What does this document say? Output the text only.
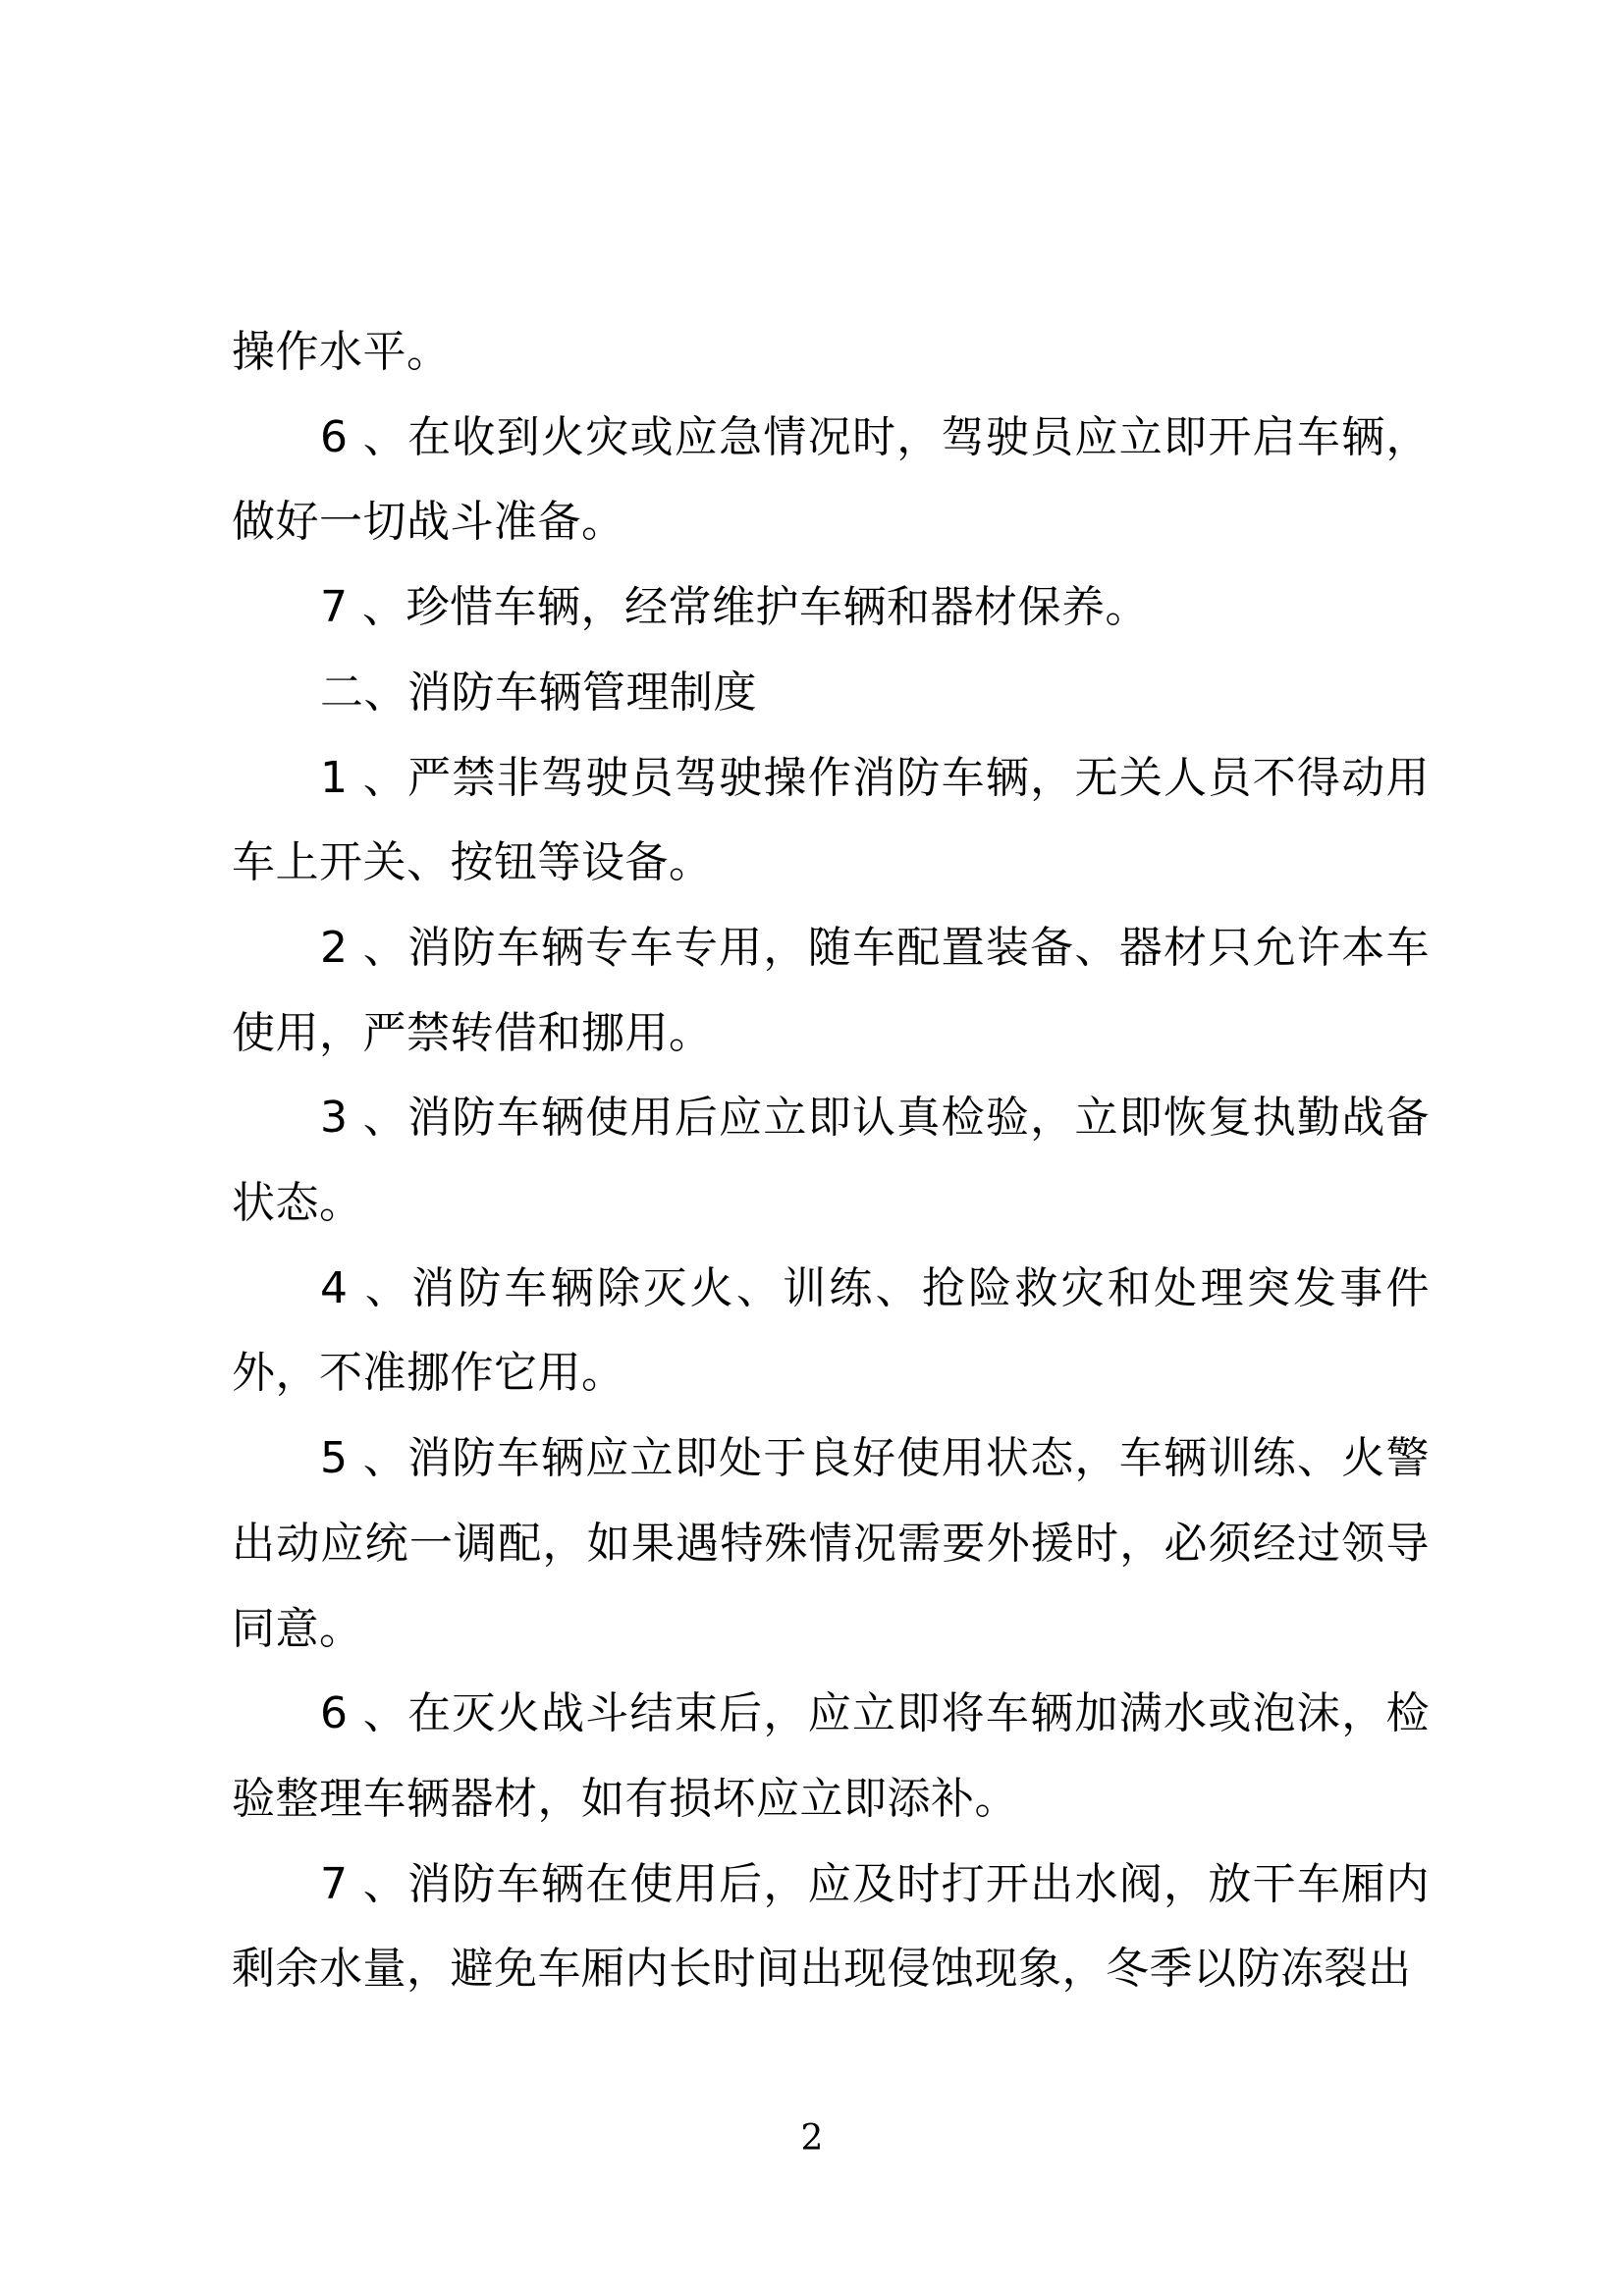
操作水平。

6 、在收到火灾或应急情况时，驾驶员应立即开启车辆，做好一切战斗准备。

7 、珍惜车辆，经常维护车辆和器材保养。

二、消防车辆管理制度

1 、严禁非驾驶员驾驶操作消防车辆，无关人员不得动用车上开关、按钮等设备。

2 、消防车辆专车专用，随车配置装备、器材只允许本车使用，严禁转借和挪用。

3 、消防车辆使用后应立即认真检验，立即恢复执勤战备状态。

4 、消防车辆除灭火、训练、抢险救灾和处理突发事件外，不准挪作它用。

5 、消防车辆应立即处于良好使用状态，车辆训练、火警出动应统一调配，如果遇特殊情况需要外援时，必须经过领导同意。

6 、在灭火战斗结束后，应立即将车辆加满水或泡沫，检验整理车辆器材，如有损坏应立即添补。

7 、消防车辆在使用后，应及时打开出水阀，放干车厢内剩余水量，避免车厢内长时间出现侵蚀现象，冬季以防冻裂出

2
